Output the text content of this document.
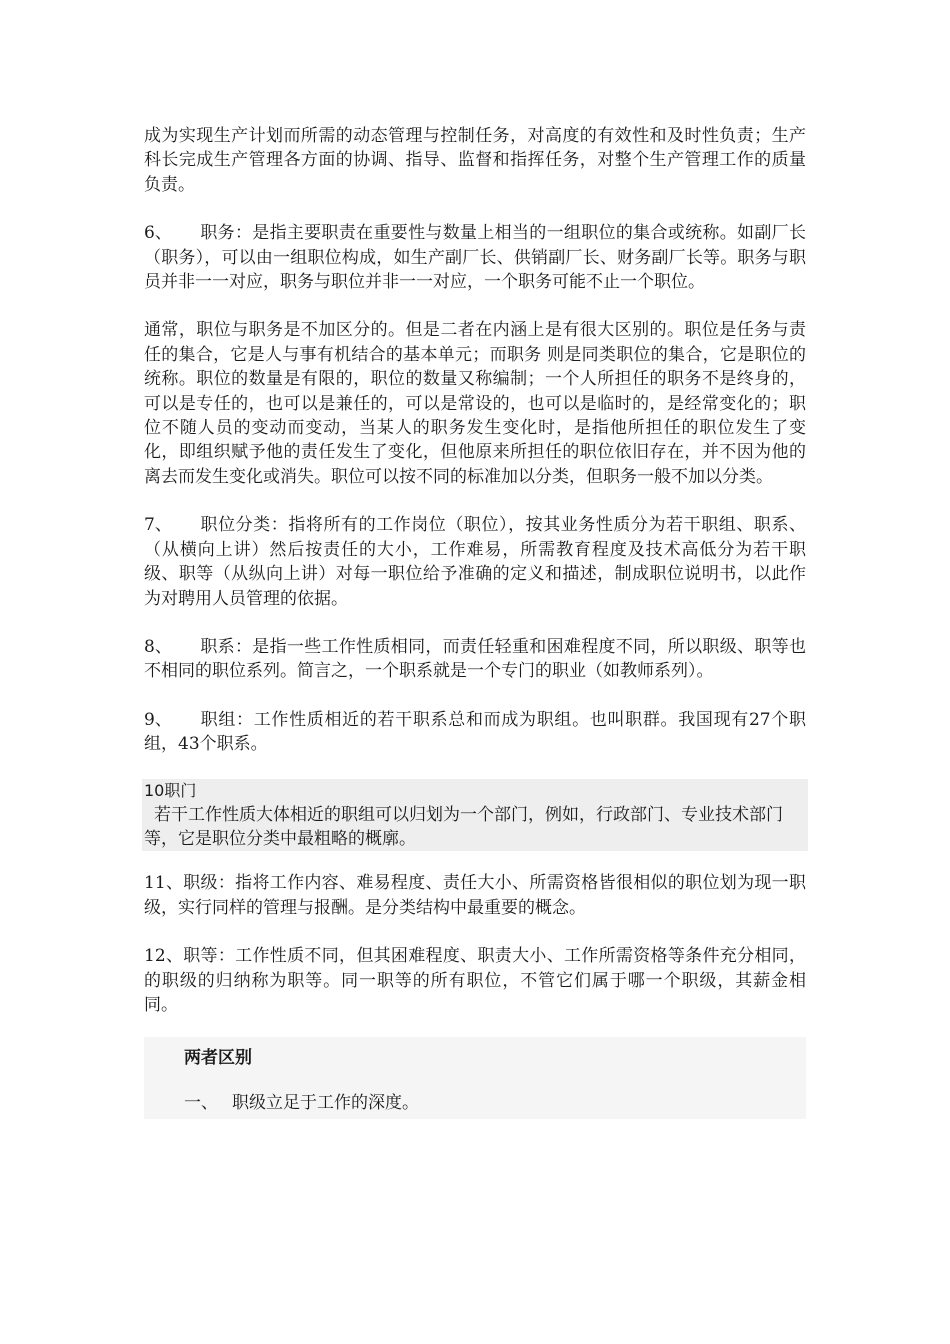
成为实现生产计划而所需的动态管理与控制任务，对高度的有效性和及时性负责；生产科长完成生产管理各方面的协调、指导、监督和指挥任务，对整个生产管理工作的质量负责。

6、 职务：是指主要职责在重要性与数量上相当的一组职位的集合或统称。如副厂长（职务），可以由一组职位构成，如生产副厂长、供销副厂长、财务副厂长等。职务与职员并非一一对应，职务与职位并非一一对应，一个职务可能不止一个职位。

通常，职位与职务是不加区分的。但是二者在内涵上是有很大区别的。职位是任务与责任的集合，它是人与事有机结合的基本单元；而职务 则是同类职位的集合，它是职位的统称。职位的数量是有限的，职位的数量又称编制；一个人所担任的职务不是终身的，可以是专任的，也可以是兼任的，可以是常设的，也可以是临时的，是经常变化的；职位不随人员的变动而变动，当某人的职务发生变化时，是指他所担任的职位发生了变化，即组织赋予他的责任发生了变化，但他原来所担任的职位依旧存在，并不因为他的离去而发生变化或消失。职位可以按不同的标准加以分类，但职务一般不加以分类。

7、 职位分类：指将所有的工作岗位（职位），按其业务性质分为若干职组、职系、（从横向上讲）然后按责任的大小，工作难易，所需教育程度及技术高低分为若干职级、职等（从纵向上讲）对每一职位给予准确的定义和描述，制成职位说明书，以此作为对聘用人员管理的依据。

8、 职系：是指一些工作性质相同，而责任轻重和困难程度不同，所以职级、职等也不相同的职位系列。简言之，一个职系就是一个专门的职业（如教师系列）。

9、 职组：工作性质相近的若干职系总和而成为职组。也叫职群。我国现有27个职组，43个职系。

10职门

若干工作性质大体相近的职组可以归划为一个部门，例如，行政部门、专业技术部门等，它是职位分类中最粗略的概廓。

11、职级：指将工作内容、难易程度、责任大小、所需资格皆很相似的职位划为现一职级，实行同样的管理与报酬。是分类结构中最重要的概念。

12、职等：工作性质不同，但其困难程度、职责大小、工作所需资格等条件充分相同，的职级的归纳称为职等。同一职等的所有职位，不管它们属于哪一个职级，其薪金相同。

两者区别

一、 职级立足于工作的深度。
